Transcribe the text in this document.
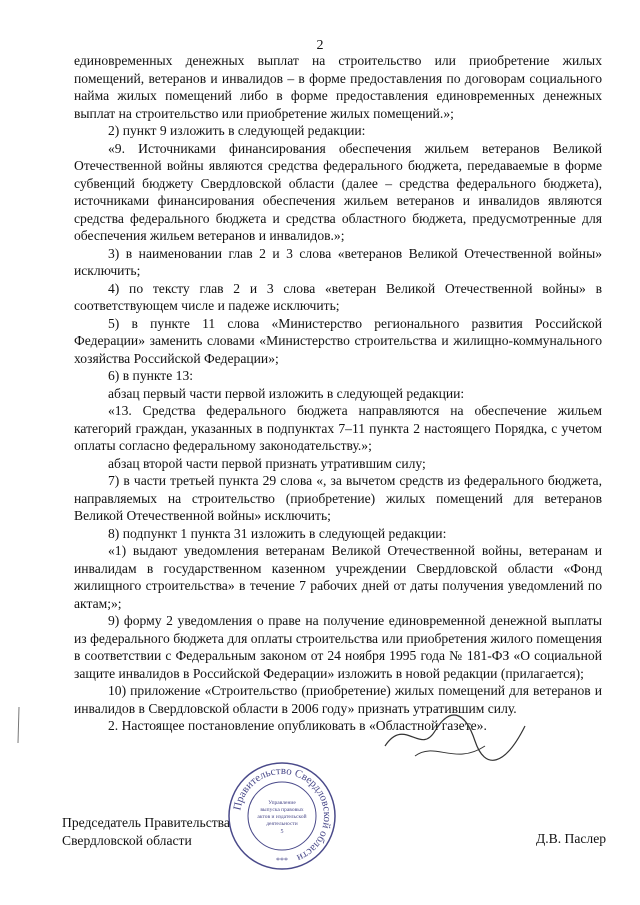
2

единовременных денежных выплат на строительство или приобретение жилых помещений, ветеранов и инвалидов – в форме предоставления по договорам социального найма жилых помещений либо в форме предоставления единовременных денежных выплат на строительство или приобретение жилых помещений.»;

2) пункт 9 изложить в следующей редакции:

«9. Источниками финансирования обеспечения жильем ветеранов Великой Отечественной войны являются средства федерального бюджета, передаваемые в форме субвенций бюджету Свердловской области (далее – средства федерального бюджета), источниками финансирования обеспечения жильем ветеранов и инвалидов являются средства федерального бюджета и средства областного бюджета, предусмотренные для обеспечения жильем ветеранов и инвалидов.»;

3) в наименовании глав 2 и 3 слова «ветеранов Великой Отечественной войны» исключить;

4) по тексту глав 2 и 3 слова «ветеран Великой Отечественной войны» в соответствующем числе и падеже исключить;

5) в пункте 11 слова «Министерство регионального развития Российской Федерации» заменить словами «Министерство строительства и жилищно-коммунального хозяйства Российской Федерации»;

6) в пункте 13:

абзац первый части первой изложить в следующей редакции:

«13. Средства федерального бюджета направляются на обеспечение жильем категорий граждан, указанных в подпунктах 7–11 пункта 2 настоящего Порядка, с учетом оплаты согласно федеральному законодательству.»;

абзац второй части первой признать утратившим силу;

7) в части третьей пункта 29 слова «, за вычетом средств из федерального бюджета, направляемых на строительство (приобретение) жилых помещений для ветеранов Великой Отечественной войны» исключить;

8) подпункт 1 пункта 31 изложить в следующей редакции:

«1) выдают уведомления ветеранам Великой Отечественной войны, ветеранам и инвалидам в государственном казенном учреждении Свердловской области «Фонд жилищного строительства» в течение 7 рабочих дней от даты получения уведомлений по актам;»;

9) форму 2 уведомления о праве на получение единовременной денежной выплаты из федерального бюджета для оплаты строительства или приобретения жилого помещения в соответствии с Федеральным законом от 24 ноября 1995 года № 181-ФЗ «О социальной защите инвалидов в Российской Федерации» изложить в новой редакции (прилагается);

10) приложение «Строительство (приобретение) жилых помещений для ветеранов и инвалидов в Свердловской области в 2006 году» признать утратившим силу.

2. Настоящее постановление опубликовать в «Областной газете».

Председатель Правительства
Свердловской области	Д.В. Паслер
Правительство Свердловской области
Управление
выпуска правовых
актов и издательской
деятельности
5
***
